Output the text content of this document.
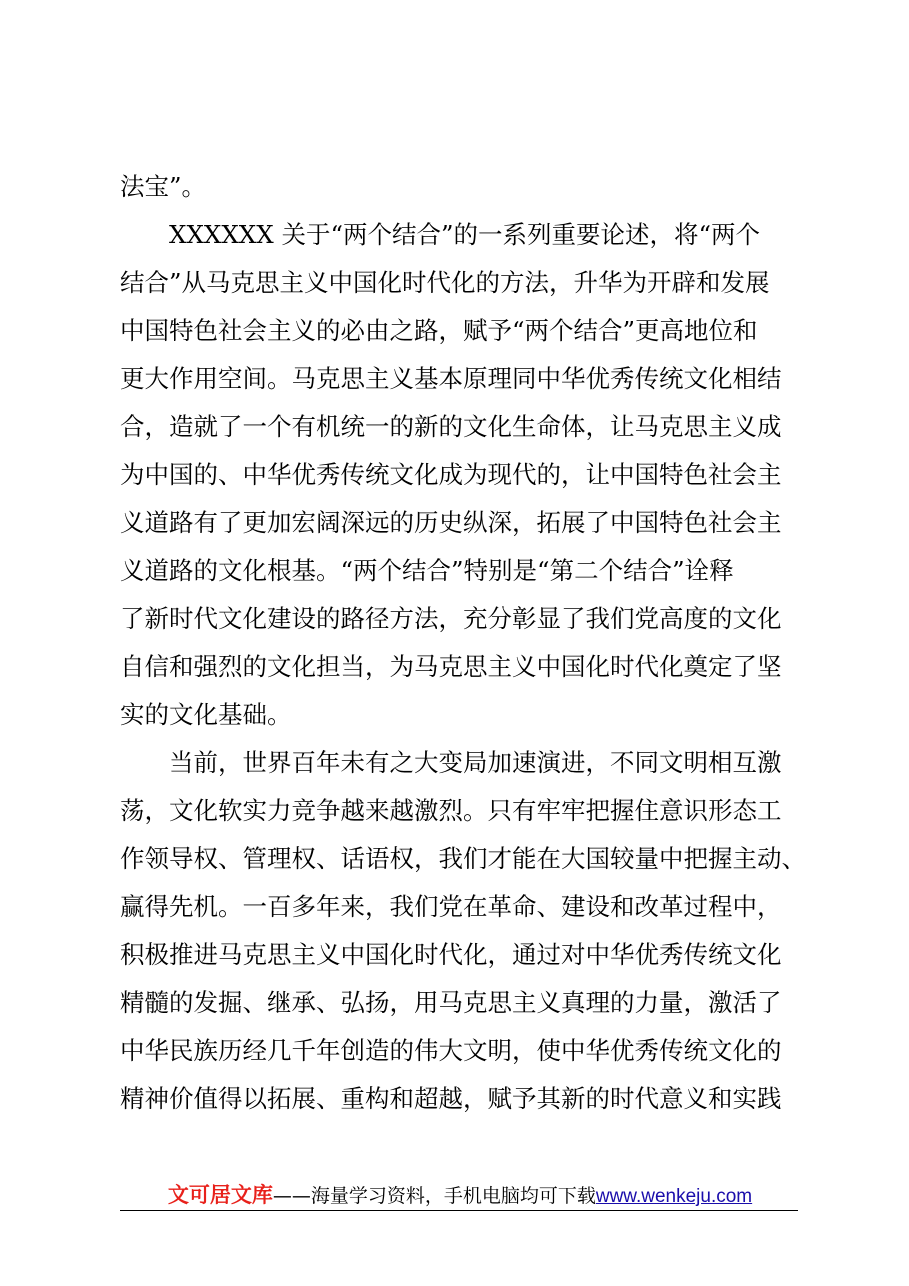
法宝”。
　　XXXXXX 关于“两个结合”的一系列重要论述，将“两个
结合”从马克思主义中国化时代化的方法，升华为开辟和发展
中国特色社会主义的必由之路，赋予“两个结合”更高地位和
更大作用空间。马克思主义基本原理同中华优秀传统文化相结
合，造就了一个有机统一的新的文化生命体，让马克思主义成
为中国的、中华优秀传统文化成为现代的，让中国特色社会主
义道路有了更加宏阔深远的历史纵深，拓展了中国特色社会主
义道路的文化根基。“两个结合”特别是“第二个结合”诠释
了新时代文化建设的路径方法，充分彰显了我们党高度的文化
自信和强烈的文化担当，为马克思主义中国化时代化奠定了坚
实的文化基础。
　　当前，世界百年未有之大变局加速演进，不同文明相互激
荡，文化软实力竞争越来越激烈。只有牢牢把握住意识形态工
作领导权、管理权、话语权，我们才能在大国较量中把握主动、
赢得先机。一百多年来，我们党在革命、建设和改革过程中，
积极推进马克思主义中国化时代化，通过对中华优秀传统文化
精髓的发掘、继承、弘扬，用马克思主义真理的力量，激活了
中华民族历经几千年创造的伟大文明，使中华优秀传统文化的
精神价值得以拓展、重构和超越，赋予其新的时代意义和实践
文可居文库——海量学习资料，手机电脑均可下载www.wenkeju.com
